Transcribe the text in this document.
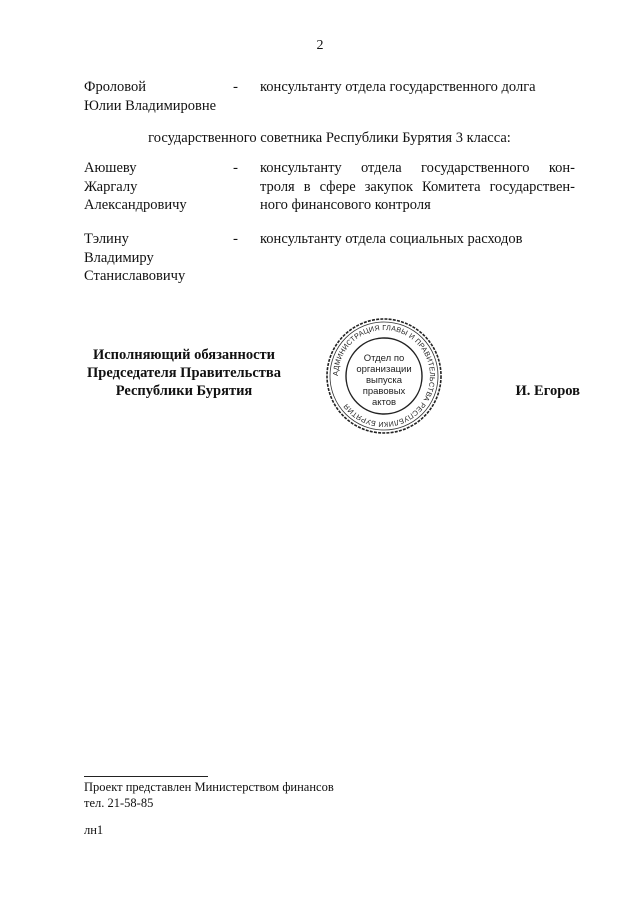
2
Фроловой
Юлии Владимировне
- консультанту отдела государственного долга
государственного советника Республики Бурятия 3 класса:
Аюшеву
Жаргалу
Александровичу
- консультанту отдела государственного кон-
троля в сфере закупок Комитета государствен-
ного финансового контроля
Тэлину
Владимиру
Станиславовичу
- консультанту отдела социальных расходов
Исполняющий обязанности
Председателя Правительства
Республики Бурятия
АДМИНИСТРАЦИЯ ГЛАВЫ И ПРАВИТЕЛЬСТВА РЕСПУБЛИКИ БУРЯТИЯ
Отдел по
организации
выпуска
правовых
актов
И. Егоров
Проект представлен Министерством финансов
тел. 21-58-85
лн1
